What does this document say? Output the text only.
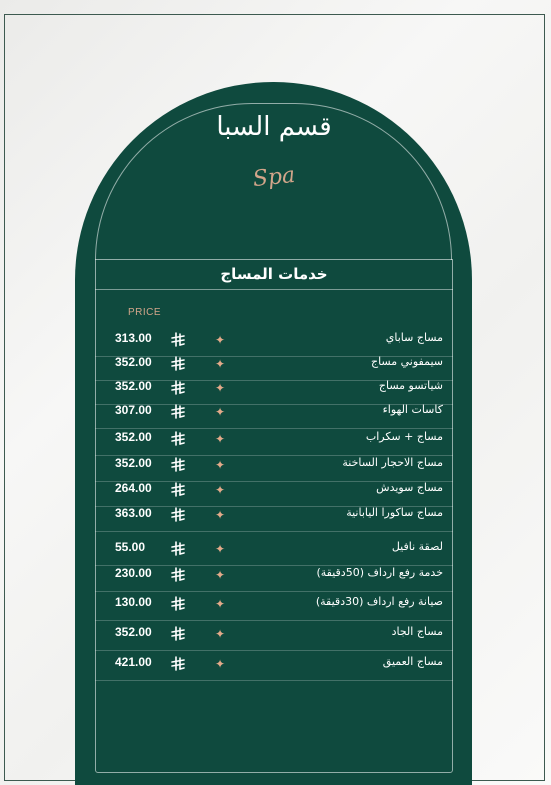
قسم السبا
Spa
خدمات المساج
PRICE
مساج ساباي
✦
313.00
سيمفوني مساج
✦
352.00
شياتسو مساج
✦
352.00
كاسات الهواء
✦
307.00
مساج + سكراب
✦
352.00
مساج الاحجار الساخنة
✦
352.00
مساج سويدش
✦
264.00
مساج ساكورا اليابانية
✦
363.00
لصقة نافيل
✦
55.00
خدمة رفع ارداف (50دقيقة)
✦
230.00
صيانة رفع ارداف (30دقيقة)
✦
130.00
مساج الجاد
✦
352.00
مساج العميق
✦
421.00
